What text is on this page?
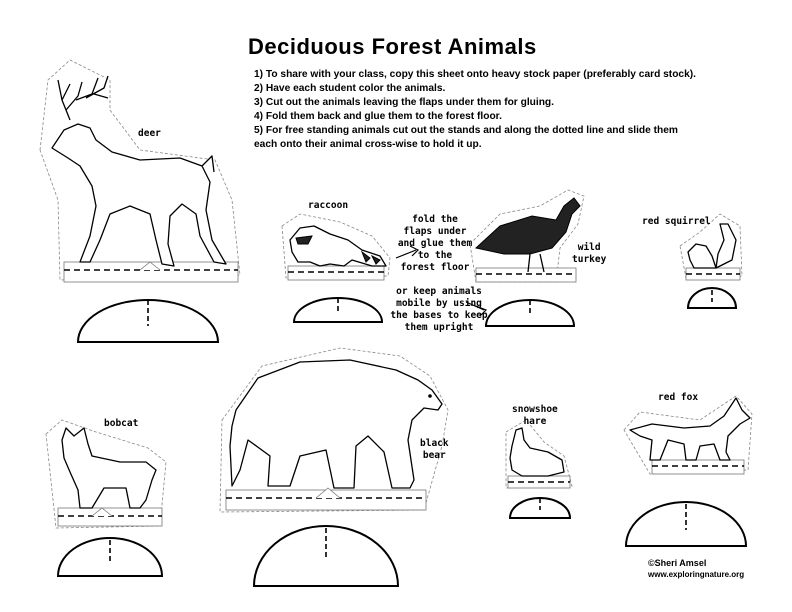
Deciduous Forest Animals
1) To share with your class, copy this sheet onto heavy stock paper (preferably card stock).
2) Have each student color the animals.
3) Cut out the animals leaving the flaps under them for gluing.
4) Fold them back and glue them to the forest floor.
5) For free standing animals cut out the stands and along the dotted line and slide them
each onto their animal cross-wise to hold it up.
deer
raccoon
wild
turkey
red squirrel
bobcat
black
bear
snowshoe
hare
red fox
fold the
flaps under
and glue them
to the
forest floor
or keep animals
mobile by using
the bases to keep
them upright
©Sheri Amsel
www.exploringnature.org
